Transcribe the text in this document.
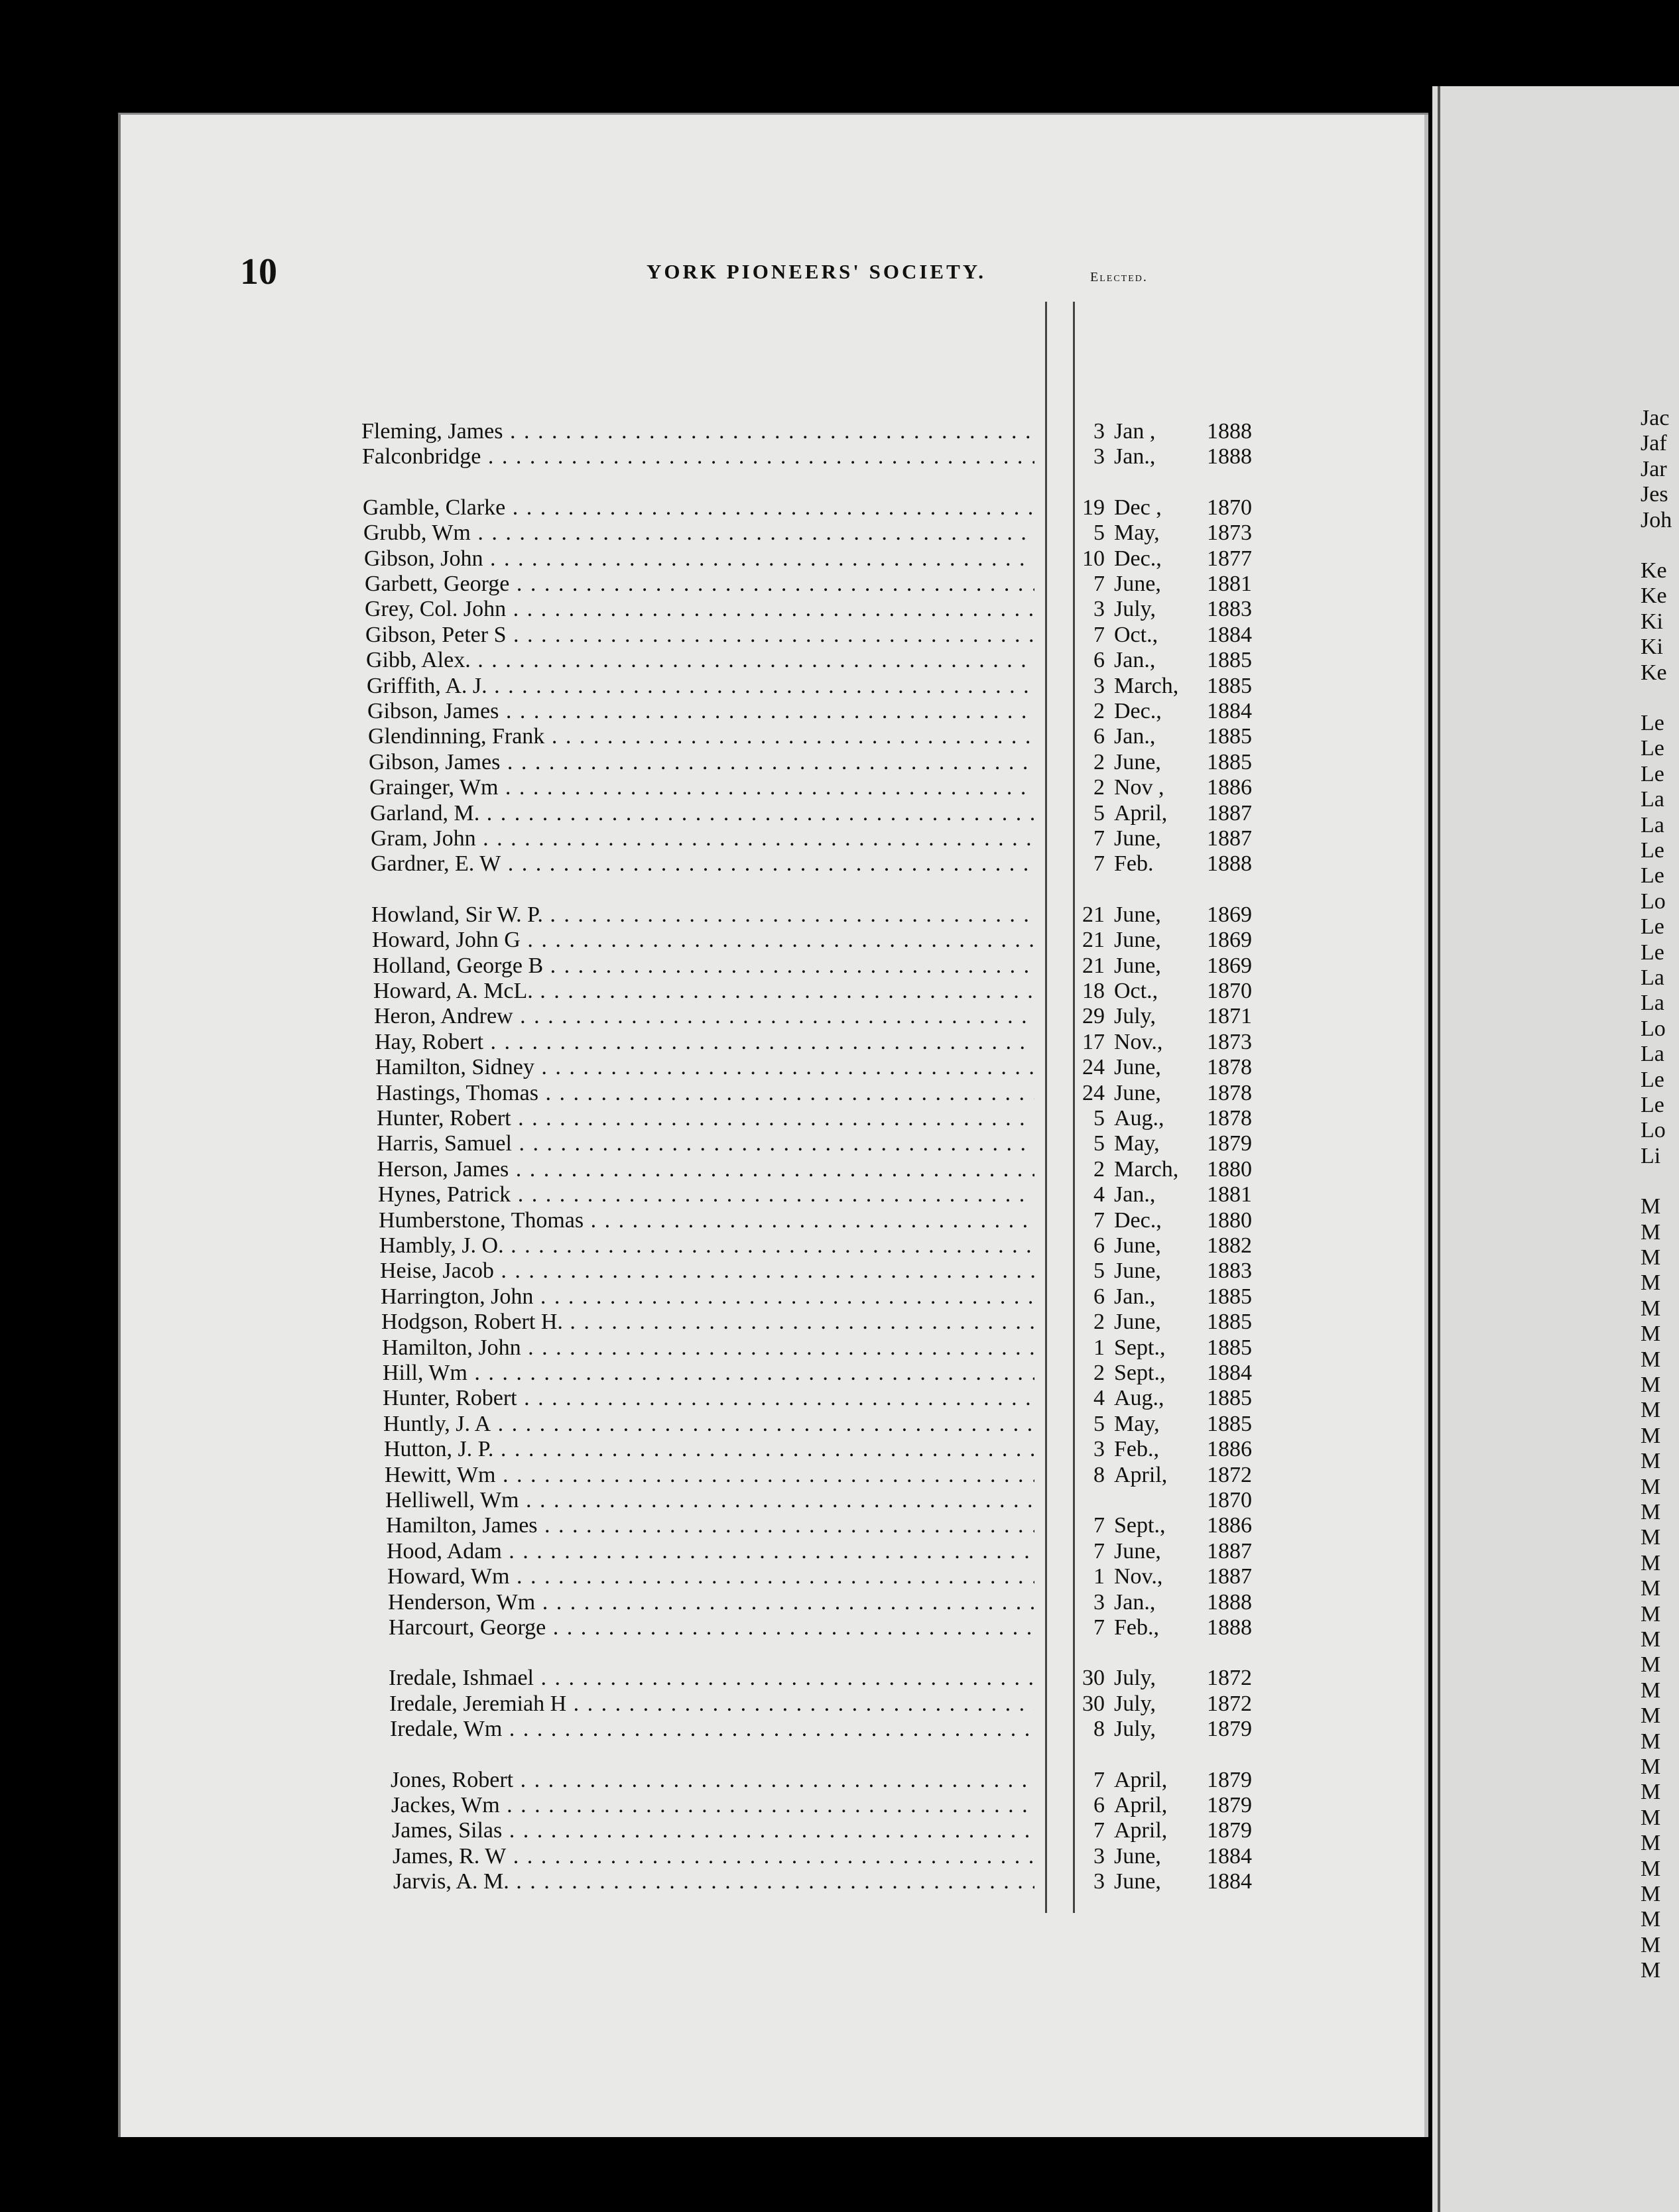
10	YORK PIONEERS' SOCIETY.	Elected.
Fleming, James . . .	3 Jan , 1888
Falconbridge . . .	3 Jan., 1888
Gamble, Clarke . . .	19 Dec , 1870
Grubb, Wm . . .	5 May, 1873
Gibson, John . . .	10 Dec., 1877
Garbett, George . . .	7 June, 1881
Grey, Col. John . . .	3 July, 1883
Gibson, Peter S . . .	7 Oct., 1884
Gibb, Alex. . . .	6 Jan., 1885
Griffith, A. J. . . .	3 March, 1885
Gibson, James . . .	2 Dec., 1884
Glendinning, Frank . . .	6 Jan., 1885
Gibson, James . . .	2 June, 1885
Grainger, Wm . . .	2 Nov , 1886
Garland, M. . . .	5 April, 1887
Gram, John . . .	7 June, 1887
Gardner, E. W . . .	7 Feb. 1888
Howland, Sir W. P. . . .	21 June, 1869
Howard, John G . . .	21 June, 1869
Holland, George B . . .	21 June, 1869
Howard, A. McL. . . .	18 Oct., 1870
Heron, Andrew . . .	29 July, 1871
Hay, Robert . . .	17 Nov., 1873
Hamilton, Sidney . . .	24 June, 1878
Hastings, Thomas . . .	24 June, 1878
Hunter, Robert . . .	5 Aug., 1878
Harris, Samuel . . .	5 May, 1879
Herson, James . . .	2 March, 1880
Hynes, Patrick . . .	4 Jan., 1881
Humberstone, Thomas . . .	7 Dec., 1880
Hambly, J. O. . . .	6 June, 1882
Heise, Jacob . . .	5 June, 1883
Harrington, John . . .	6 Jan., 1885
Hodgson, Robert H. . . .	2 June, 1885
Hamilton, John . . .	1 Sept., 1885
Hill, Wm . . .	2 Sept., 1884
Hunter, Robert . . .	4 Aug., 1885
Huntly, J. A . . .	5 May, 1885
Hutton, J. P. . . .	3 Feb., 1886
Hewitt, Wm . . .	8 April, 1872
Helliwell, Wm . . .	1870
Hamilton, James . . .	7 Sept., 1886
Hood, Adam . . .	7 June, 1887
Howard, Wm . . .	1 Nov., 1887
Henderson, Wm . . .	3 Jan., 1888
Harcourt, George . . .	7 Feb., 1888
Iredale, Ishmael . . .	30 July, 1872
Iredale, Jeremiah H . . .	30 July, 1872
Iredale, Wm . . .	8 July, 1879
Jones, Robert . . .	7 April, 1879
Jackes, Wm . . .	6 April, 1879
James, Silas . . .	7 April, 1879
James, R. W . . .	3 June, 1884
Jarvis, A. M. . . .	3 June, 1884
Jac
Jaf
Jar
Jes
Joh
Ke
Ke
Ki
Ki
Ke
Le
Le
Le
La
La
Le
Le
Lo
Le
Le
La
La
Lo
La
Le
Le
Lo
Li
M
M
M
M
M
M
M
M
M
M
M
M
M
M
M
M
M
M
M
M
M
M
M
M
M
M
M
M
M
M
M
